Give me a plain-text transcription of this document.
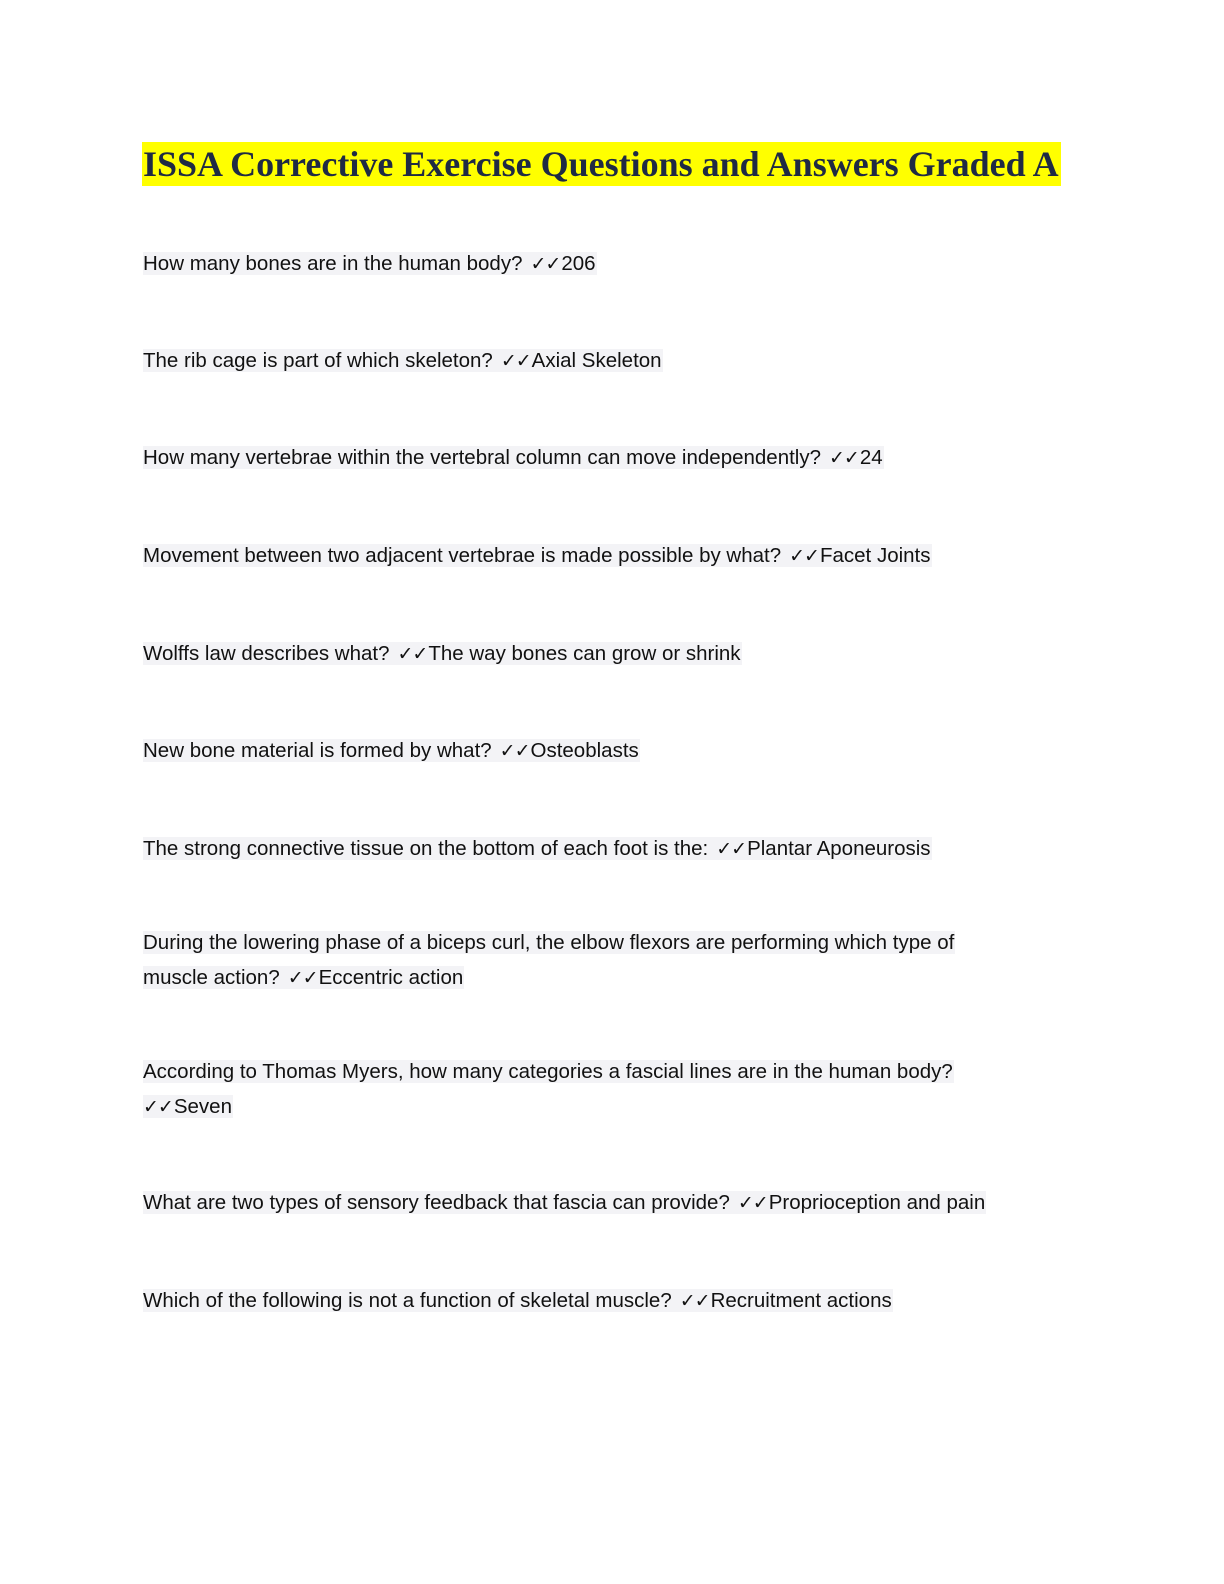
ISSA Corrective Exercise Questions and Answers Graded A

How many bones are in the human body? ✓✓206

The rib cage is part of which skeleton? ✓✓Axial Skeleton

How many vertebrae within the vertebral column can move independently? ✓✓24

Movement between two adjacent vertebrae is made possible by what? ✓✓Facet Joints

Wolffs law describes what? ✓✓The way bones can grow or shrink

New bone material is formed by what? ✓✓Osteoblasts

The strong connective tissue on the bottom of each foot is the: ✓✓Plantar Aponeurosis

During the lowering phase of a biceps curl, the elbow flexors are performing which type of muscle action? ✓✓Eccentric action

According to Thomas Myers, how many categories a fascial lines are in the human body?
✓✓Seven

What are two types of sensory feedback that fascia can provide? ✓✓Proprioception and pain

Which of the following is not a function of skeletal muscle? ✓✓Recruitment actions
